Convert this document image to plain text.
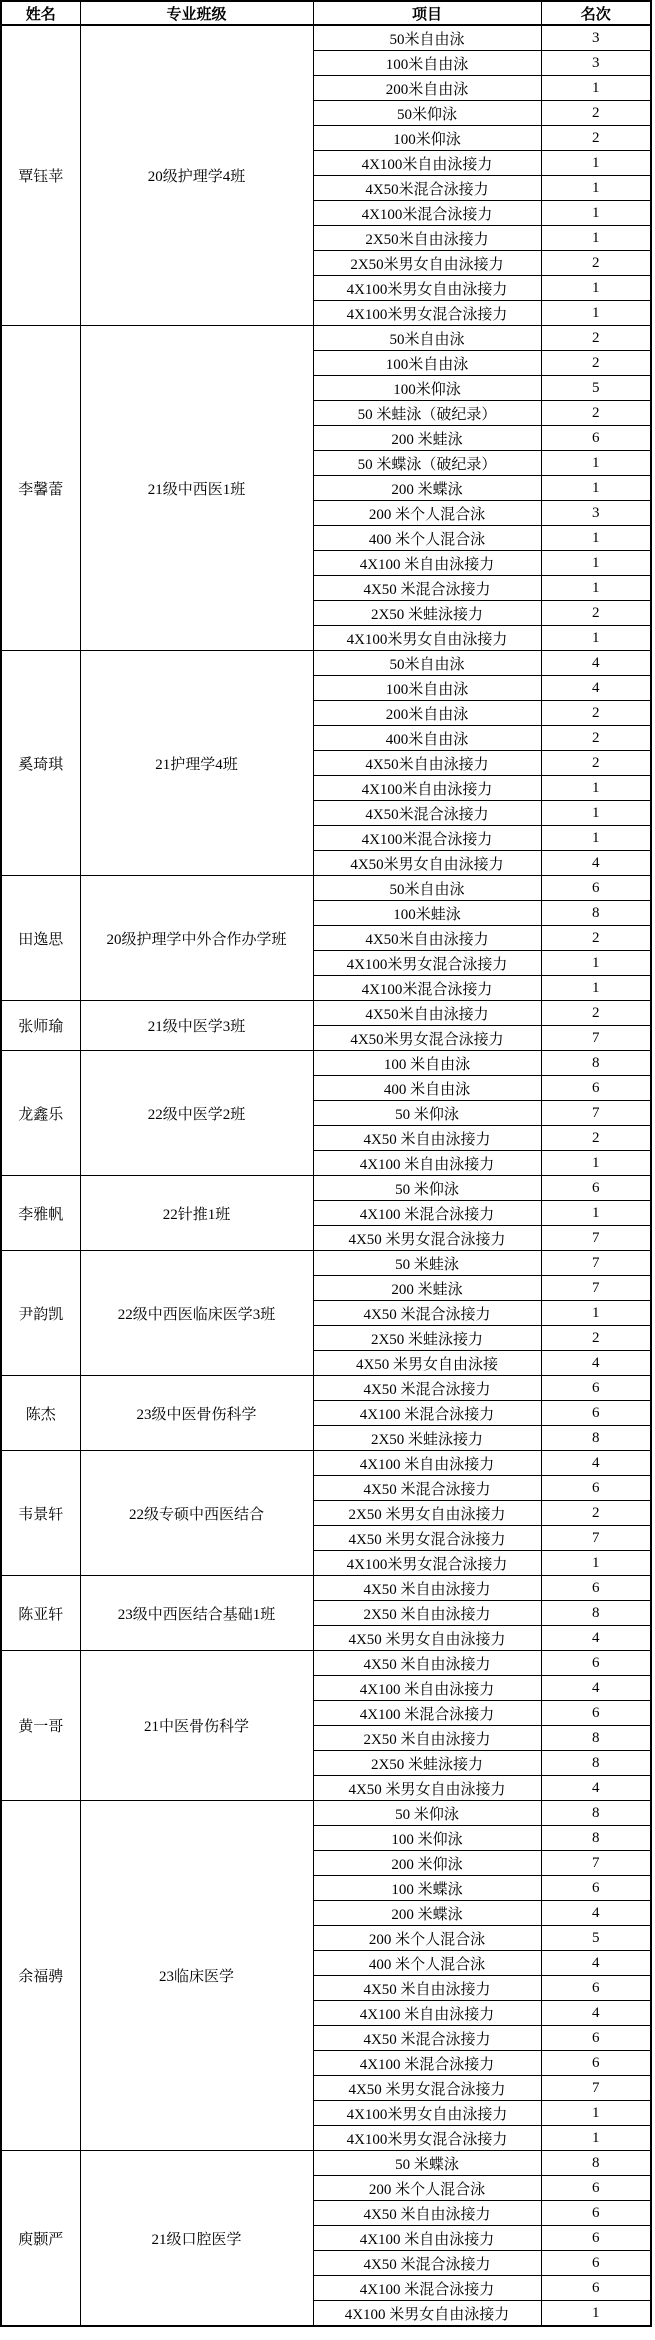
姓名	专业班级	项目	名次
覃钰苹	20级护理学4班	50米自由泳	3
		100米自由泳	3
		200米自由泳	1
		50米仰泳	2
		100米仰泳	2
		4X100米自由泳接力	1
		4X50米混合泳接力	1
		4X100米混合泳接力	1
		2X50米自由泳接力	1
		2X50米男女自由泳接力	2
		4X100米男女自由泳接力	1
		4X100米男女混合泳接力	1
李馨蕾	21级中西医1班	50米自由泳	2
		100米自由泳	2
		100米仰泳	5
		50 米蛙泳（破纪录）	2
		200 米蛙泳	6
		50 米蝶泳（破纪录）	1
		200 米蝶泳	1
		200 米个人混合泳	3
		400 米个人混合泳	1
		4X100 米自由泳接力	1
		4X50 米混合泳接力	1
		2X50 米蛙泳接力	2
		4X100米男女自由泳接力	1
奚琦琪	21护理学4班	50米自由泳	4
		100米自由泳	4
		200米自由泳	2
		400米自由泳	2
		4X50米自由泳接力	2
		4X100米自由泳接力	1
		4X50米混合泳接力	1
		4X100米混合泳接力	1
		4X50米男女自由泳接力	4
田逸思	20级护理学中外合作办学班	50米自由泳	6
		100米蛙泳	8
		4X50米自由泳接力	2
		4X100米男女混合泳接力	1
		4X100米混合泳接力	1
张师瑜	21级中医学3班	4X50米自由泳接力	2
		4X50米男女混合泳接力	7
龙鑫乐	22级中医学2班	100 米自由泳	8
		400 米自由泳	6
		50 米仰泳	7
		4X50 米自由泳接力	2
		4X100 米自由泳接力	1
李雅帆	22针推1班	50 米仰泳	6
		4X100 米混合泳接力	1
		4X50 米男女混合泳接力	7
尹韵凯	22级中西医临床医学3班	50 米蛙泳	7
		200 米蛙泳	7
		4X50 米混合泳接力	1
		2X50 米蛙泳接力	2
		4X50 米男女自由泳接	4
陈杰	23级中医骨伤科学	4X50 米混合泳接力	6
		4X100 米混合泳接力	6
		2X50 米蛙泳接力	8
韦景轩	22级专硕中西医结合	4X100 米自由泳接力	4
		4X50 米混合泳接力	6
		2X50 米男女自由泳接力	2
		4X50 米男女混合泳接力	7
		4X100米男女混合泳接力	1
陈亚轩	23级中西医结合基础1班	4X50 米自由泳接力	6
		2X50 米自由泳接力	8
		4X50 米男女自由泳接力	4
黄一哥	21中医骨伤科学	4X50 米自由泳接力	6
		4X100 米自由泳接力	4
		4X100 米混合泳接力	6
		2X50 米自由泳接力	8
		2X50 米蛙泳接力	8
		4X50 米男女自由泳接力	4
余福骋	23临床医学	50 米仰泳	8
		100 米仰泳	8
		200 米仰泳	7
		100 米蝶泳	6
		200 米蝶泳	4
		200 米个人混合泳	5
		400 米个人混合泳	4
		4X50 米自由泳接力	6
		4X100 米自由泳接力	4
		4X50 米混合泳接力	6
		4X100 米混合泳接力	6
		4X50 米男女混合泳接力	7
		4X100米男女自由泳接力	1
		4X100米男女混合泳接力	1
庾颢严	21级口腔医学	50 米蝶泳	8
		200 米个人混合泳	6
		4X50 米自由泳接力	6
		4X100 米自由泳接力	6
		4X50 米混合泳接力	6
		4X100 米混合泳接力	6
		4X100 米男女自由泳接力	1
